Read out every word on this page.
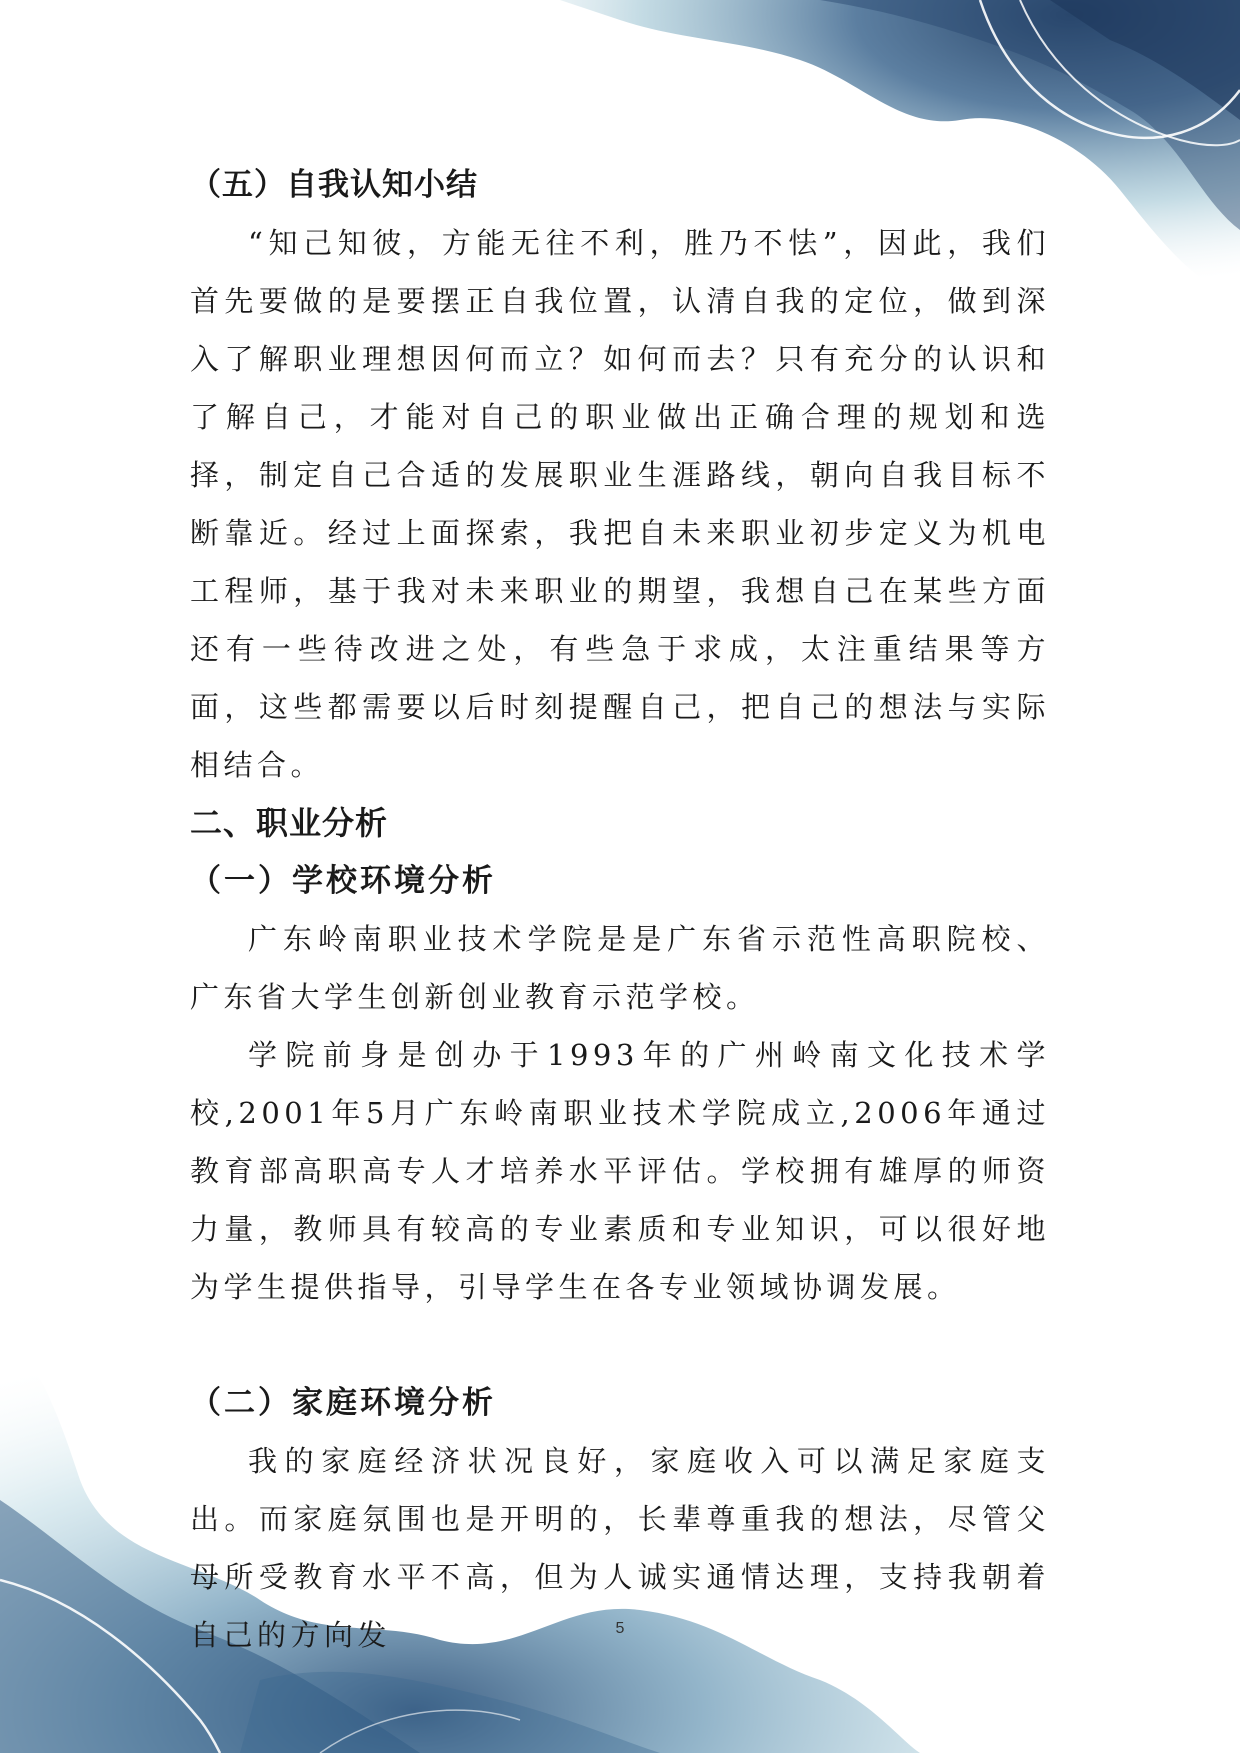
（五）自我认知小结

“知己知彼，方能无往不利，胜乃不怯”，因此，我们首先要做的是要摆正自我位置，认清自我的定位，做到深入了解职业理想因何而立？如何而去？只有充分的认识和了解自己，才能对自己的职业做出正确合理的规划和选择，制定自己合适的发展职业生涯路线，朝向自我目标不断靠近。经过上面探索，我把自未来职业初步定义为机电工程师，基于我对未来职业的期望，我想自己在某些方面还有一些待改进之处，有些急于求成，太注重结果等方面，这些都需要以后时刻提醒自己，把自己的想法与实际相结合。

二、职业分析

（一）学校环境分析

广东岭南职业技术学院是是广东省示范性高职院校、广东省大学生创新创业教育示范学校。

学院前身是创办于1993年的广州岭南文化技术学校,2001年5月广东岭南职业技术学院成立,2006年通过教育部高职高专人才培养水平评估。学校拥有雄厚的师资力量，教师具有较高的专业素质和专业知识，可以很好地为学生提供指导，引导学生在各专业领域协调发展。

（二）家庭环境分析

我的家庭经济状况良好，家庭收入可以满足家庭支出。而家庭氛围也是开明的，长辈尊重我的想法，尽管父母所受教育水平不高，但为人诚实通情达理，支持我朝着自己的方向发	5
